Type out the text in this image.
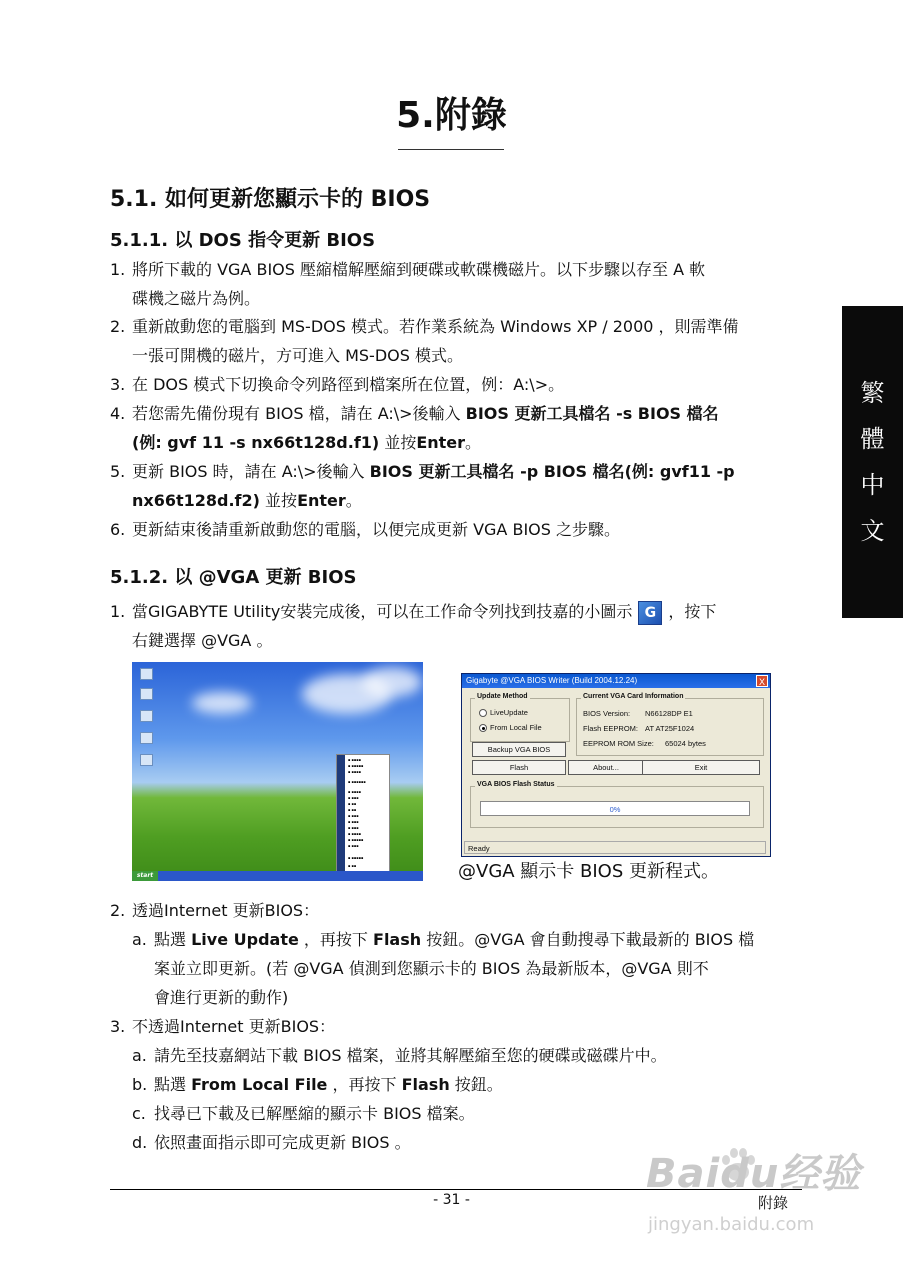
5.附錄
5.1. 如何更新您顯示卡的 BIOS
5.1.1. 以 DOS 指令更新 BIOS
1. 將所下載的 VGA BIOS 壓縮檔解壓縮到硬碟或軟碟機磁片。以下步驟以存至 A 軟
碟機之磁片為例。
2. 重新啟動您的電腦到 MS-DOS 模式。若作業系統為 Windows XP / 2000 ，則需準備
一張可開機的磁片，方可進入 MS-DOS 模式。
3. 在 DOS 模式下切換命令列路徑到檔案所在位置，例：A:\>。
4. 若您需先備份現有 BIOS 檔，請在 A:\>後輸入 BIOS 更新工具檔名 -s BIOS 檔名
(例: gvf 11 -s nx66t128d.f1) 並按Enter。
5. 更新 BIOS 時，請在 A:\>後輸入 BIOS 更新工具檔名 -p BIOS 檔名(例: gvf11 -p
nx66t128d.f2) 並按Enter。
6. 更新結束後請重新啟動您的電腦，以便完成更新 VGA BIOS 之步驟。
5.1.2. 以 @VGA 更新 BIOS
1. 當GIGABYTE Utility安裝完成後，可以在工作命令列找到技嘉的小圖示 G ，按下
右鍵選擇 @VGA 。
▪ ▪▪▪▪
▪ ▪▪▪▪▪
▪ ▪▪▪▪
▪ ▪▪▪▪▪▪
▪ ▪▪▪▪
▪ ▪▪▪
▪ ▪▪
▪ ▪▪
▪ ▪▪▪
▪ ▪▪▪
▪ ▪▪▪
▪ ▪▪▪▪
▪ ▪▪▪▪▪
▪ ▪▪▪
▪ ▪▪▪▪▪
▪ ▪▪
start
Gigabyte @VGA BIOS Writer (Build 2004.12.24)	X
Update Method
LiveUpdate
From Local File
Current VGA Card Information
BIOS Version: N66128DP E1
Flash EEPROM: AT AT25F1024
EEPROM ROM Size: 65024 bytes
Backup VGA BIOS
Flash	About...	Exit
VGA BIOS Flash Status
0%
Ready
@VGA 顯示卡 BIOS 更新程式。
2. 透過Internet 更新BIOS：
a. 點選 Live Update ，再按下 Flash 按鈕。@VGA 會自動搜尋下載最新的 BIOS 檔
案並立即更新。(若 @VGA 偵測到您顯示卡的 BIOS 為最新版本，@VGA 則不
會進行更新的動作)
3. 不透過Internet 更新BIOS：
a. 請先至技嘉網站下載 BIOS 檔案，並將其解壓縮至您的硬碟或磁碟片中。
b. 點選 From Local File ，再按下 Flash 按鈕。
c. 找尋已下載及已解壓縮的顯示卡 BIOS 檔案。
d. 依照畫面指示即可完成更新 BIOS 。
繁
體
中
文
- 31 -	附錄
Baidu经验
jingyan.baidu.com
